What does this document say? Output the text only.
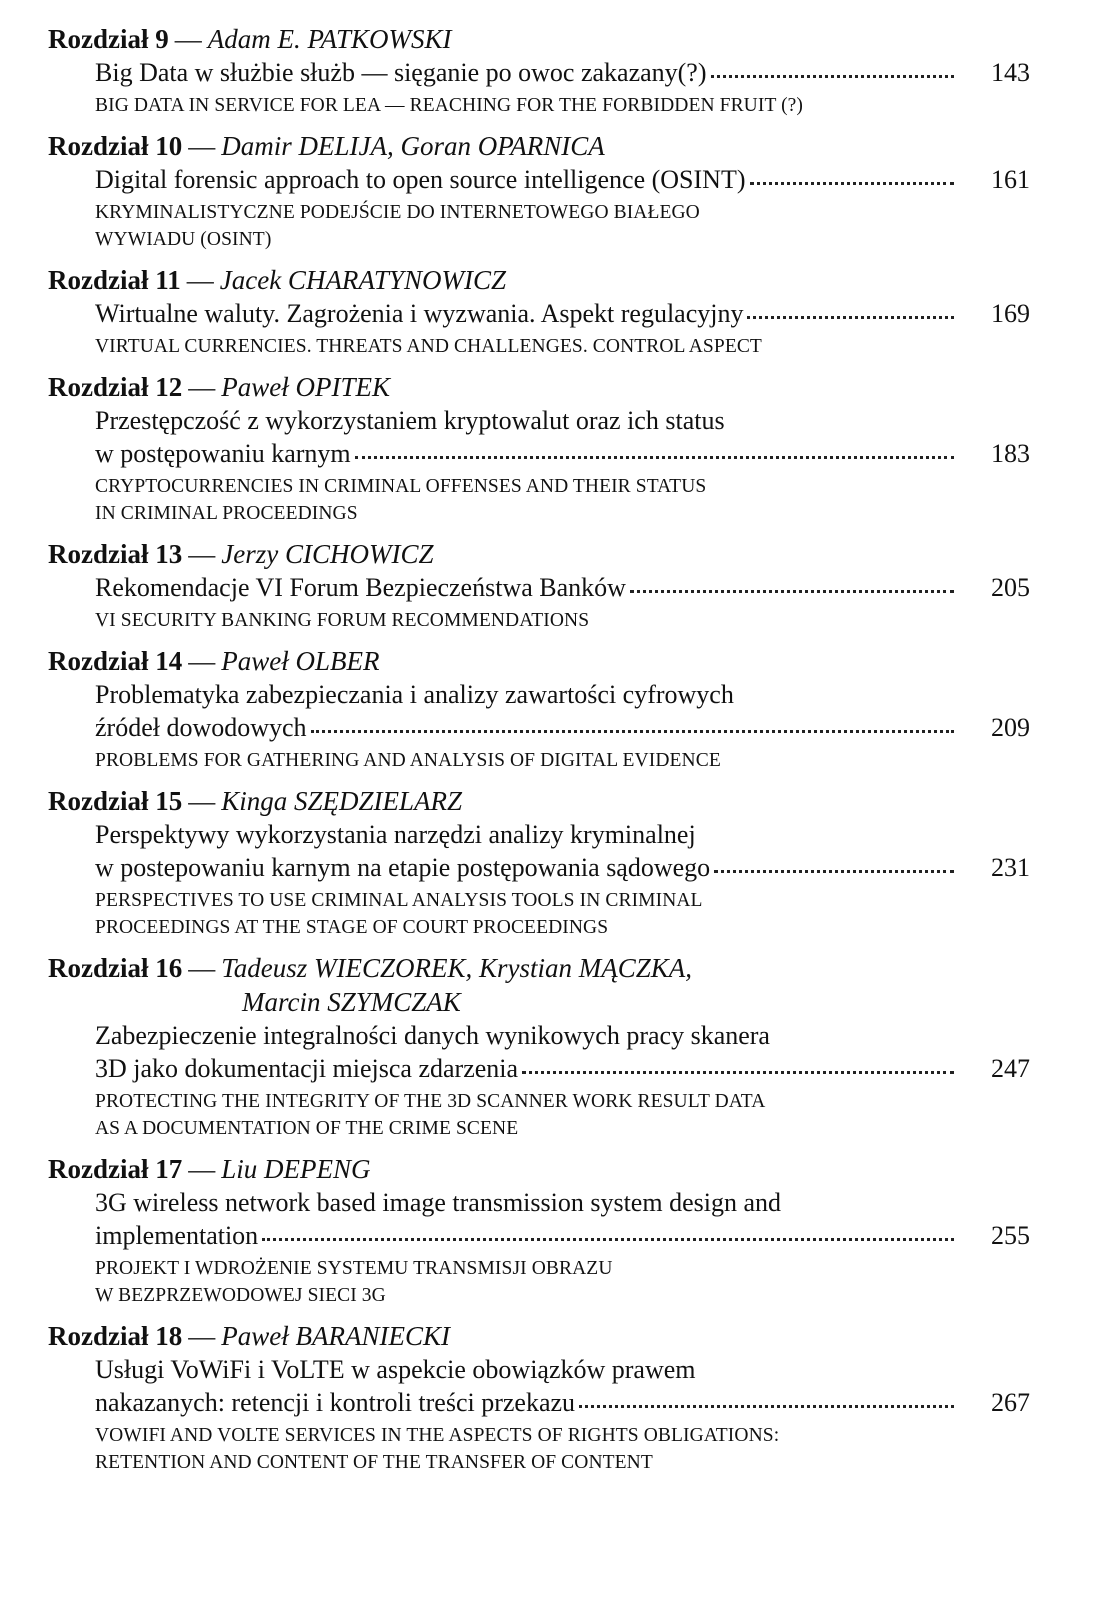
Rozdział 9 — Adam E. PATKOWSKI
Big Data w służbie służb — sięganie po owoc zakazany(?)	143
BIG DATA IN SERVICE FOR LEA — REACHING FOR THE FORBIDDEN FRUIT (?)
Rozdział 10 — Damir DELIJA, Goran OPARNICA
Digital forensic approach to open source intelligence (OSINT)	161
KRYMINALISTYCZNE PODEJŚCIE DO INTERNETOWEGO BIAŁEGO
WYWIADU (OSINT)
Rozdział 11 — Jacek CHARATYNOWICZ
Wirtualne waluty. Zagrożenia i wyzwania. Aspekt regulacyjny	169
VIRTUAL CURRENCIES. THREATS AND CHALLENGES. CONTROL ASPECT
Rozdział 12 — Paweł OPITEK
Przestępczość z wykorzystaniem kryptowalut oraz ich status
w postępowaniu karnym	183
CRYPTOCURRENCIES IN CRIMINAL OFFENSES AND THEIR STATUS
IN CRIMINAL PROCEEDINGS
Rozdział 13 — Jerzy CICHOWICZ
Rekomendacje VI Forum Bezpieczeństwa Banków	205
VI SECURITY BANKING FORUM RECOMMENDATIONS
Rozdział 14 — Paweł OLBER
Problematyka zabezpieczania i analizy zawartości cyfrowych
źródeł dowodowych	209
PROBLEMS FOR GATHERING AND ANALYSIS OF DIGITAL EVIDENCE
Rozdział 15 — Kinga SZĘDZIELARZ
Perspektywy wykorzystania narzędzi analizy kryminalnej
w postepowaniu karnym na etapie postępowania sądowego	231
PERSPECTIVES TO USE CRIMINAL ANALYSIS TOOLS IN CRIMINAL
PROCEEDINGS AT THE STAGE OF COURT PROCEEDINGS
Rozdział 16 — Tadeusz WIECZOREK, Krystian MĄCZKA,
Marcin SZYMCZAK
Zabezpieczenie integralności danych wynikowych pracy skanera
3D jako dokumentacji miejsca zdarzenia	247
PROTECTING THE INTEGRITY OF THE 3D SCANNER WORK RESULT DATA
AS A DOCUMENTATION OF THE CRIME SCENE
Rozdział 17 — Liu DEPENG
3G wireless network based image transmission system design and
implementation	255
PROJEKT I WDROŻENIE SYSTEMU TRANSMISJI OBRAZU
W BEZPRZEWODOWEJ SIECI 3G
Rozdział 18 — Paweł BARANIECKI
Usługi VoWiFi i VoLTE w aspekcie obowiązków prawem
nakazanych: retencji i kontroli treści przekazu	267
VOWIFI AND VOLTE SERVICES IN THE ASPECTS OF RIGHTS OBLIGATIONS:
RETENTION AND CONTENT OF THE TRANSFER OF CONTENT
